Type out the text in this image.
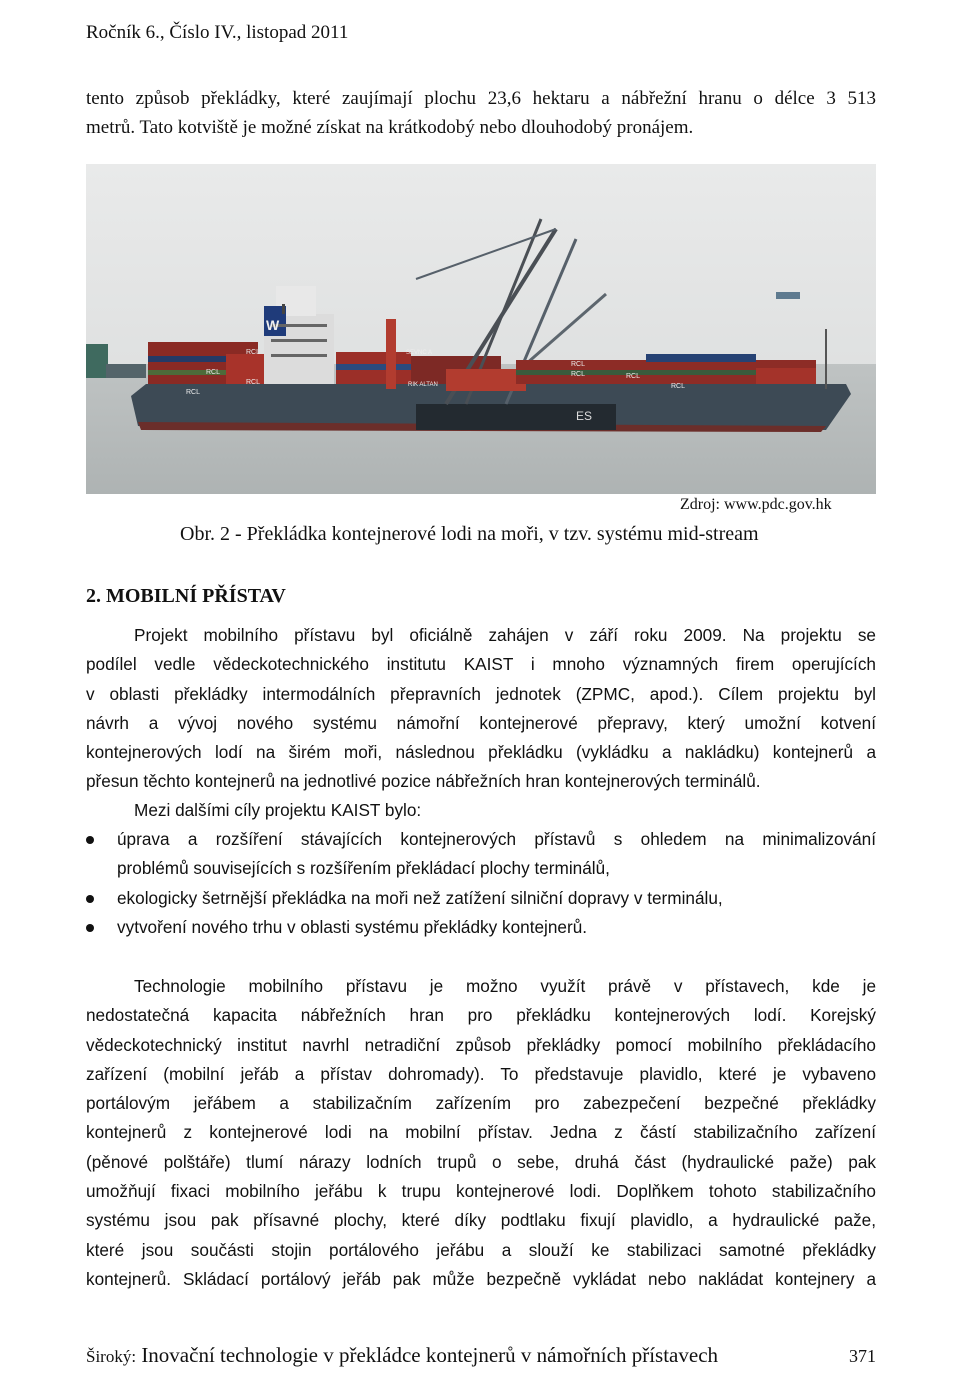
Ročník 6., Číslo IV., listopad 2011
tento způsob překládky, které zaujímají plochu 23,6 hektaru a nábřežní hranu o délce 3 513
metrů. Tato kotviště je možné získat na krátkodobý nebo dlouhodobý pronájem.
RCL
RCL
RCL
RCL
RCL
RCL	RCL
RCL
SEVNC A
RIK ALTAN
ES
W
Zdroj: www.pdc.gov.hk
Obr. 2 - Překládka kontejnerové lodi na moři, v tzv. systému mid-stream
2. MOBILNÍ PŘÍSTAV
Projekt mobilního přístavu byl oficiálně zahájen v září roku 2009. Na projektu se
podílel vedle vědeckotechnického institutu KAIST i mnoho významných firem operujících
v oblasti překládky intermodálních přepravních jednotek (ZPMC, apod.). Cílem projektu byl
návrh a vývoj nového systému námořní kontejnerové přepravy, který umožní kotvení
kontejnerových lodí na širém moři, následnou překládku (vykládku a nakládku) kontejnerů a
přesun těchto kontejnerů na jednotlivé pozice nábřežních hran kontejnerových terminálů.
Mezi dalšími cíly projektu KAIST bylo:
úprava a rozšíření stávajících kontejnerových přístavů s ohledem na minimalizování
problémů souvisejících s rozšířením překládací plochy terminálů,
ekologicky šetrnější překládka na moři než zatížení silniční dopravy v terminálu,
vytvoření nového trhu v oblasti systému překládky kontejnerů.
Technologie mobilního přístavu je možno využít právě v přístavech, kde je
nedostatečná kapacita nábřežních hran pro překládku kontejnerových lodí. Korejský
vědeckotechnický institut navrhl netradiční způsob překládky pomocí mobilního překládacího
zařízení (mobilní jeřáb a přístav dohromady). To představuje plavidlo, které je vybaveno
portálovým jeřábem a stabilizačním zařízením pro zabezpečení bezpečné překládky
kontejnerů z kontejnerové lodi na mobilní přístav. Jedna z částí stabilizačního zařízení
(pěnové polštáře) tlumí nárazy lodních trupů o sebe, druhá část (hydraulické paže) pak
umožňují fixaci mobilního jeřábu k trupu kontejnerové lodi. Doplňkem tohoto stabilizačního
systému jsou pak přísavné plochy, které díky podtlaku fixují plavidlo, a hydraulické paže,
které jsou součásti stojin portálového jeřábu a slouží ke stabilizaci samotné překládky
kontejnerů. Skládací portálový jeřáb pak může bezpečně vykládat nebo nakládat kontejnery a
Široký: Inovační technologie v překládce kontejnerů v námořních přístavech	371
